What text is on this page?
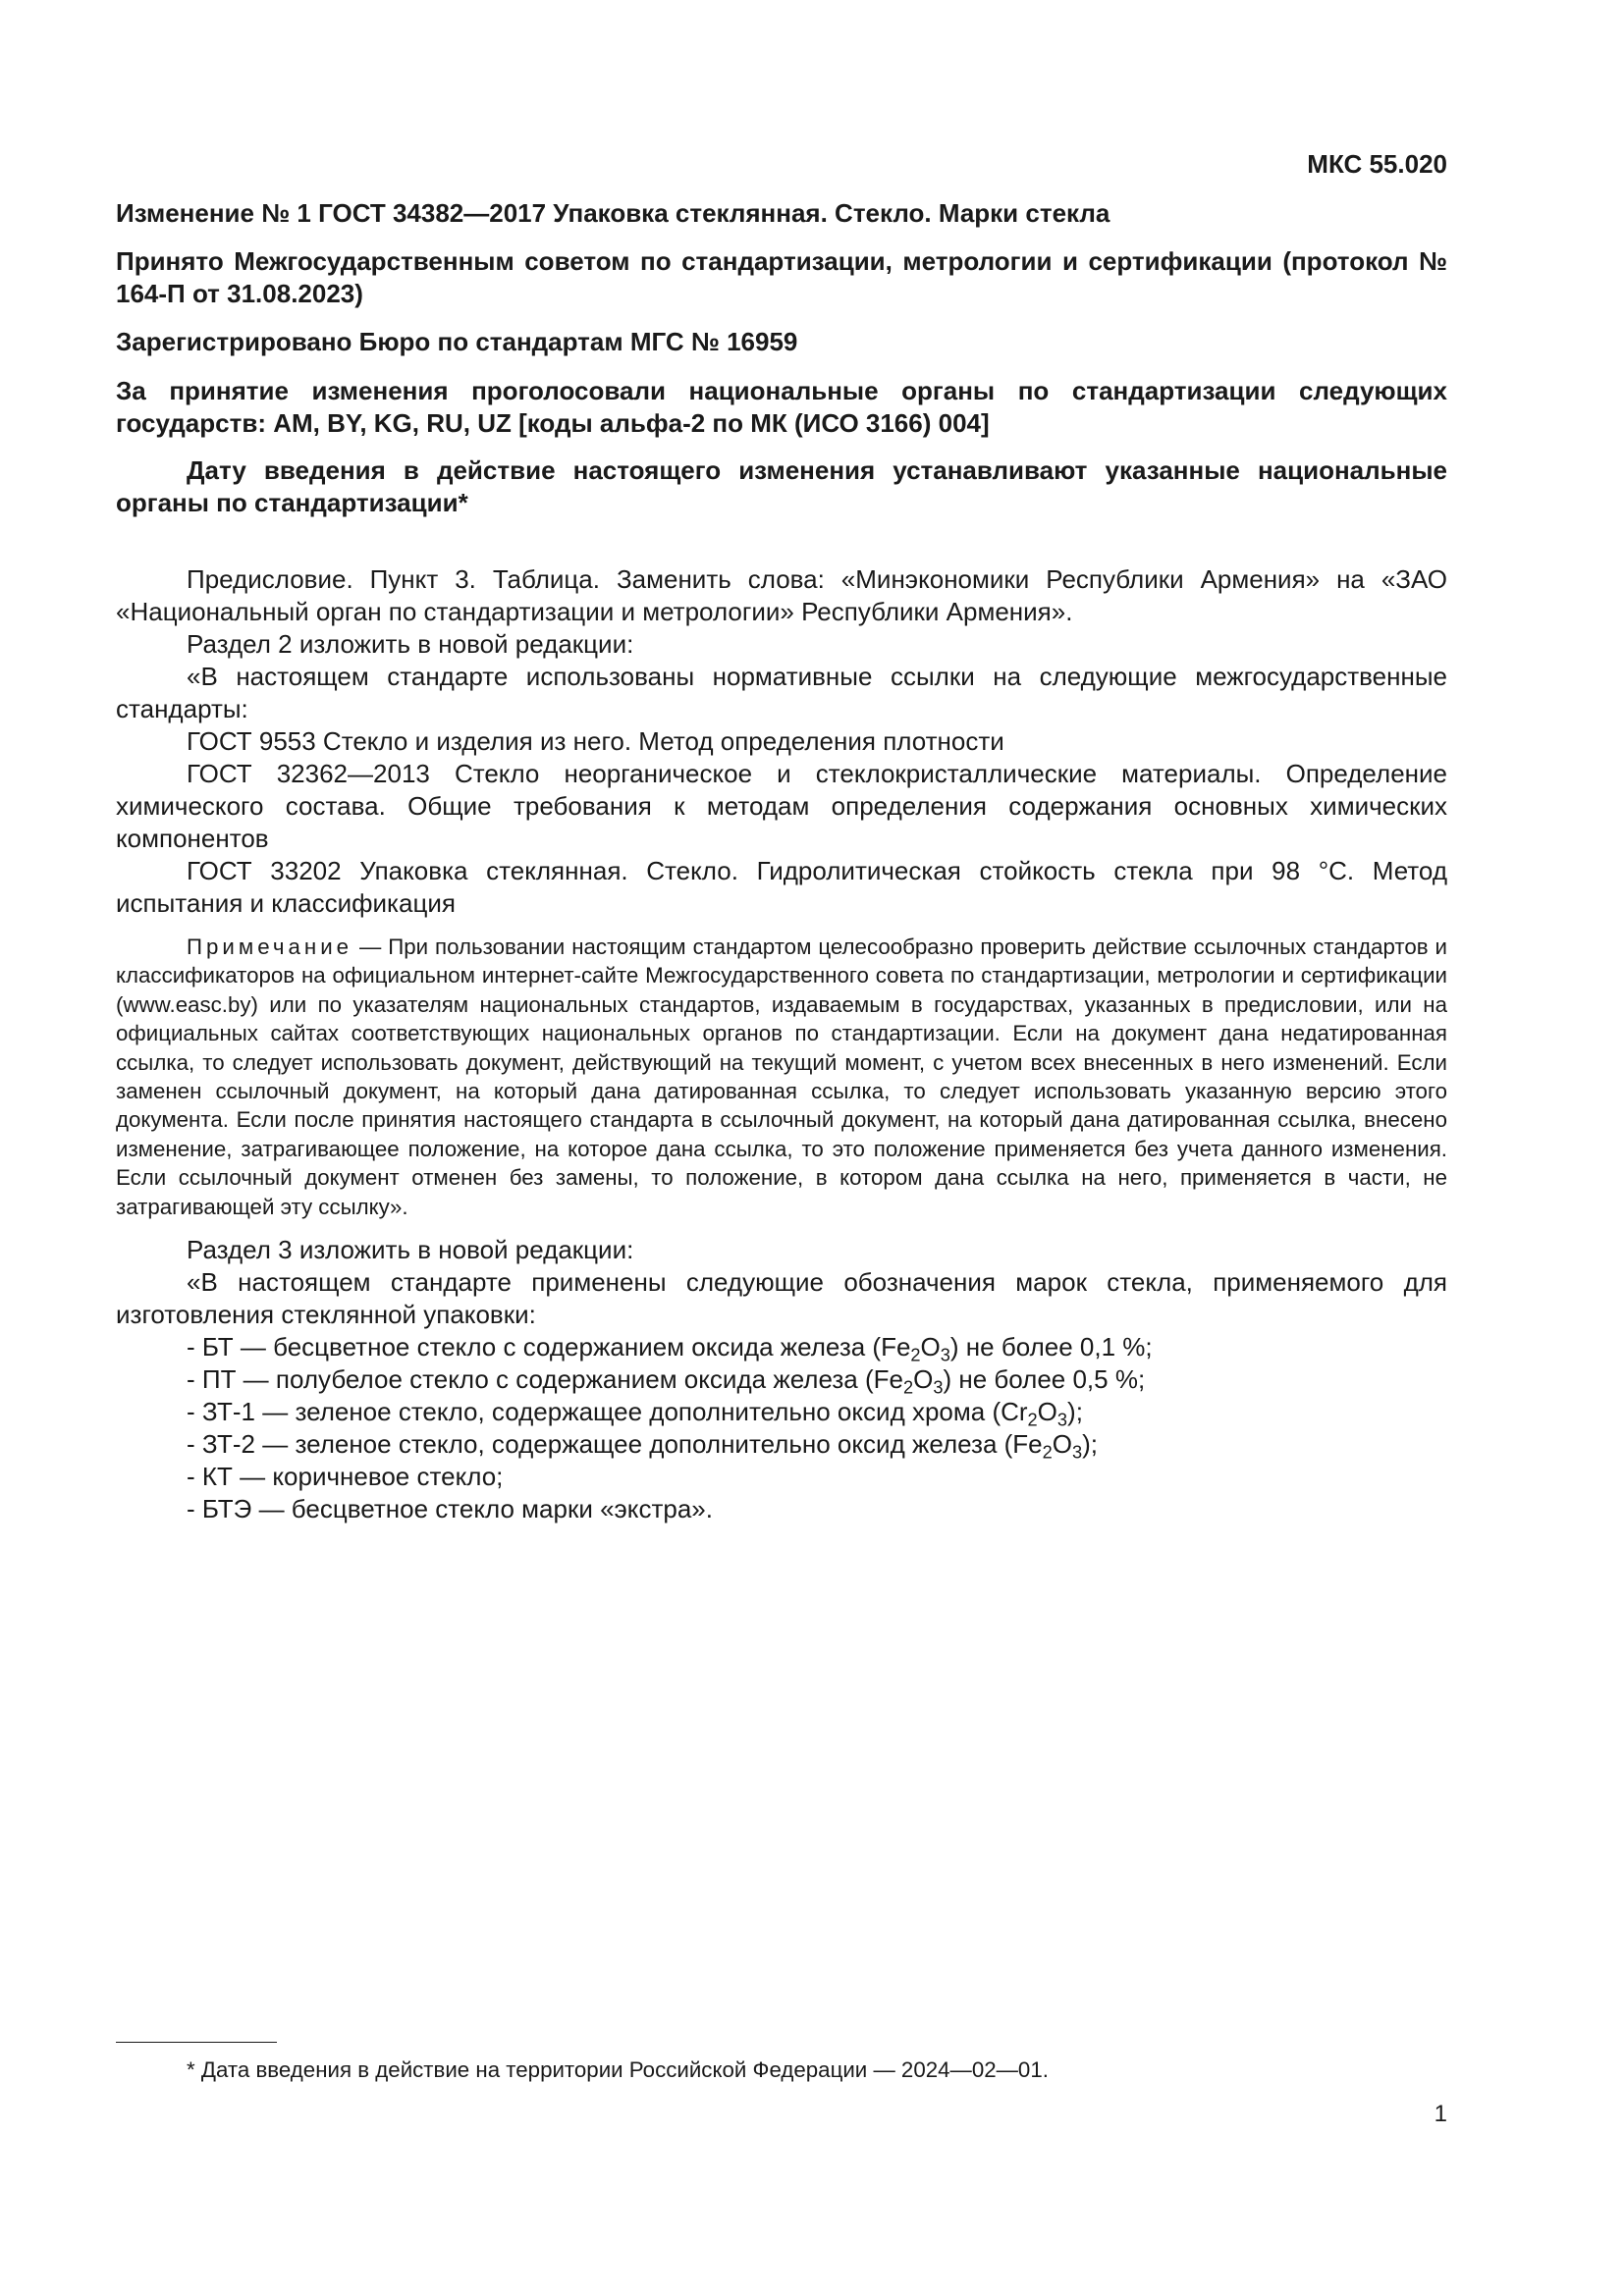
МКС 55.020
Изменение № 1 ГОСТ 34382—2017 Упаковка стеклянная. Стекло. Марки стекла
Принято Межгосударственным советом по стандартизации, метрологии и сертификации (протокол № 164-П от 31.08.2023)
Зарегистрировано Бюро по стандартам МГС № 16959
За принятие изменения проголосовали национальные органы по стандартизации следующих государств: AM, BY, KG, RU, UZ [коды альфа-2 по МК (ИСО 3166) 004]
Дату введения в действие настоящего изменения устанавливают указанные национальные органы по стандартизации*

Предисловие. Пункт 3. Таблица. Заменить слова: «Минэкономики Республики Армения» на «ЗАО «Национальный орган по стандартизации и метрологии» Республики Армения».

Раздел 2 изложить в новой редакции:

«В настоящем стандарте использованы нормативные ссылки на следующие межгосударственные стандарты:

ГОСТ 9553 Стекло и изделия из него. Метод определения плотности

ГОСТ 32362—2013 Стекло неорганическое и стеклокристаллические материалы. Определение химического состава. Общие требования к методам определения содержания основных химических компонентов

ГОСТ 33202 Упаковка стеклянная. Стекло. Гидролитическая стойкость стекла при 98 °С. Метод испытания и классификация

Примечание — При пользовании настоящим стандартом целесообразно проверить действие ссылочных стандартов и классификаторов на официальном интернет-сайте Межгосударственного совета по стандартизации, метрологии и сертификации (www.easc.by) или по указателям национальных стандартов, издаваемым в государствах, указанных в предисловии, или на официальных сайтах соответствующих национальных органов по стандартизации. Если на документ дана недатированная ссылка, то следует использовать документ, действующий на текущий момент, с учетом всех внесенных в него изменений. Если заменен ссылочный документ, на который дана датированная ссылка, то следует использовать указанную версию этого документа. Если после принятия настоящего стандарта в ссылочный документ, на который дана датированная ссылка, внесено изменение, затрагивающее положение, на которое дана ссылка, то это положение применяется без учета данного изменения. Если ссылочный документ отменен без замены, то положение, в котором дана ссылка на него, применяется в части, не затрагивающей эту ссылку».

Раздел 3 изложить в новой редакции:

«В настоящем стандарте применены следующие обозначения марок стекла, применяемого для изготовления стеклянной упаковки:

- БТ — бесцветное стекло с содержанием оксида железа $(Fe_2O_3)$ не более 0,1 %;

- ПТ — полубелое стекло с содержанием оксида железа $(Fe_2O_3)$ не более 0,5 %;

- ЗТ-1 — зеленое стекло, содержащее дополнительно оксид хрома $(Cr_2O_3)$;

- ЗТ-2 — зеленое стекло, содержащее дополнительно оксид железа $(Fe_2O_3)$;

- КТ — коричневое стекло;

- БТЭ — бесцветное стекло марки «экстра».

* Дата введения в действие на территории Российской Федерации — 2024—02—01.
1
